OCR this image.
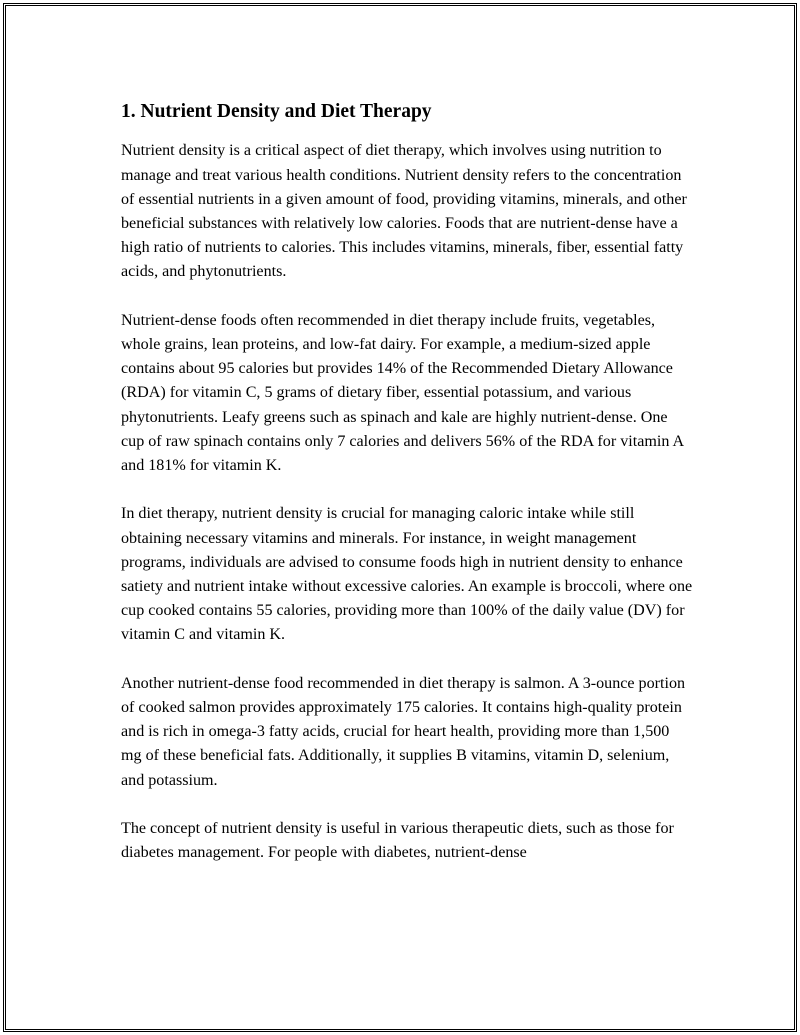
1. Nutrient Density and Diet Therapy

Nutrient density is a critical aspect of diet therapy, which involves using nutrition to manage and treat various health conditions. Nutrient density refers to the concentration of essential nutrients in a given amount of food, providing vitamins, minerals, and other beneficial substances with relatively low calories. Foods that are nutrient-dense have a high ratio of nutrients to calories. This includes vitamins, minerals, fiber, essential fatty acids, and phytonutrients.

Nutrient-dense foods often recommended in diet therapy include fruits, vegetables, whole grains, lean proteins, and low-fat dairy. For example, a medium-sized apple contains about 95 calories but provides 14% of the Recommended Dietary Allowance (RDA) for vitamin C, 5 grams of dietary fiber, essential potassium, and various phytonutrients. Leafy greens such as spinach and kale are highly nutrient-dense. One cup of raw spinach contains only 7 calories and delivers 56% of the RDA for vitamin A and 181% for vitamin K.

In diet therapy, nutrient density is crucial for managing caloric intake while still obtaining necessary vitamins and minerals. For instance, in weight management programs, individuals are advised to consume foods high in nutrient density to enhance satiety and nutrient intake without excessive calories. An example is broccoli, where one cup cooked contains 55 calories, providing more than 100% of the daily value (DV) for vitamin C and vitamin K.

Another nutrient-dense food recommended in diet therapy is salmon. A 3-ounce portion of cooked salmon provides approximately 175 calories. It contains high-quality protein and is rich in omega-3 fatty acids, crucial for heart health, providing more than 1,500 mg of these beneficial fats. Additionally, it supplies B vitamins, vitamin D, selenium, and potassium.

The concept of nutrient density is useful in various therapeutic diets, such as those for diabetes management. For people with diabetes, nutrient-dense
